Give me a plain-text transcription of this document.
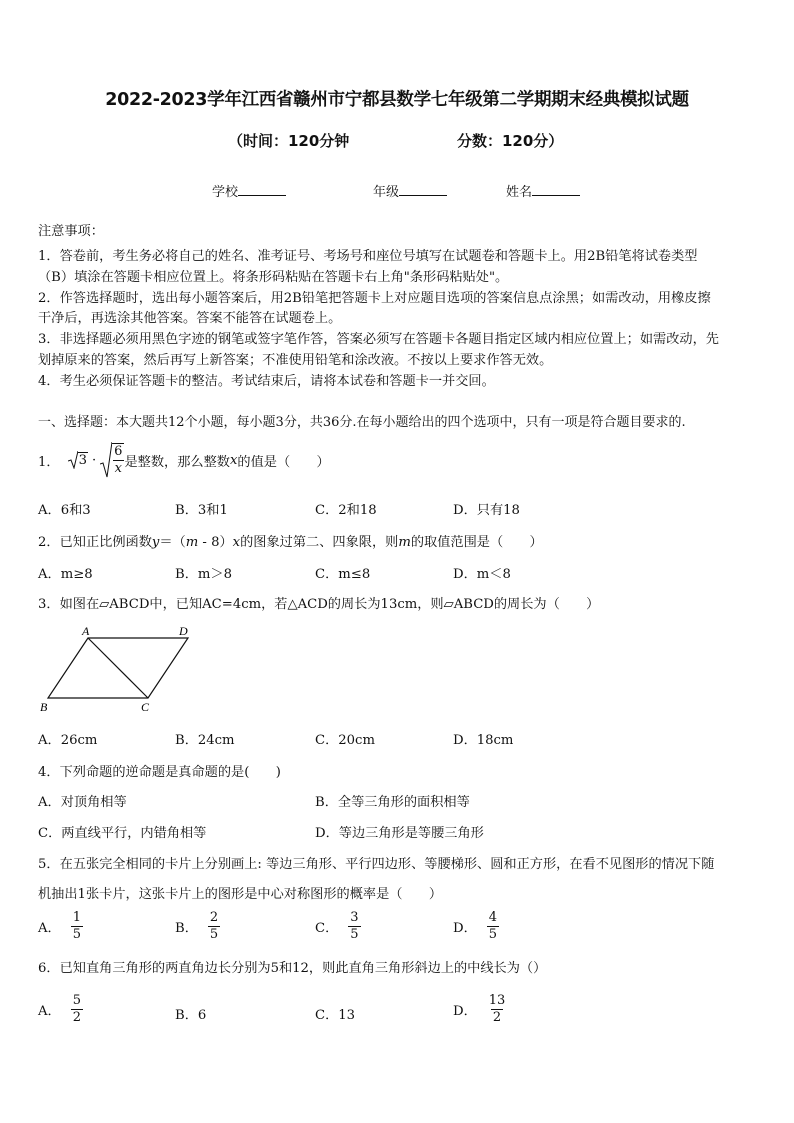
2022-2023学年江西省赣州市宁都县数学七年级第二学期期末经典模拟试题
（时间：120分钟	分数：120分）
学校	年级	姓名
注意事项：
1．答卷前，考生务必将自己的姓名、准考证号、考场号和座位号填写在试题卷和答题卡上。用2B铅笔将试卷类型
（B）填涂在答题卡相应位置上。将条形码粘贴在答题卡右上角"条形码粘贴处"。
2．作答选择题时，选出每小题答案后，用2B铅笔把答题卡上对应题目选项的答案信息点涂黑；如需改动，用橡皮擦
干净后，再选涂其他答案。答案不能答在试题卷上。
3．非选择题必须用黑色字迹的钢笔或签字笔作答，答案必须写在答题卡各题目指定区域内相应位置上；如需改动，先
划掉原来的答案，然后再写上新答案；不准使用铅笔和涂改液。不按以上要求作答无效。
4．考生必须保证答题卡的整洁。考试结束后，请将本试卷和答题卡一并交回。
一、选择题：本大题共12个小题，每小题3分，共36分.在每小题给出的四个选项中，只有一项是符合题目要求的.
1． $3 \cdot \frac{6}{x}$ 是整数，那么整数 x 的值是（　　）
A．6和3	B．3和1	C．2和18	D．只有18
2．已知正比例函数y＝（m - 8）x的图象过第二、四象限，则m的取值范围是（　　）
A．m≥8	B．m＞8	C．m≤8	D．m＜8
3．如图在▱ABCD中，已知AC=4cm，若△ACD的周长为13cm，则▱ABCD的周长为（　　）
A	D
B	C
A．26cm	B．24cm	C．20cm	D．18cm
4．下列命题的逆命题是真命题的是(　　)
A．对顶角相等	B．全等三角形的面积相等
C．两直线平行，内错角相等	D．等边三角形是等腰三角形
5．在五张完全相同的卡片上分别画上: 等边三角形、平行四边形、等腰梯形、圆和正方形，在看不见图形的情况下随
机抽出1张卡片，这张卡片上的图形是中心对称图形的概率是（　　）
A． $\frac{1}{5}$	B． $\frac{2}{5}$	C． $\frac{3}{5}$	D． $\frac{4}{5}$
6．已知直角三角形的两直角边长分别为5和12，则此直角三角形斜边上的中线长为（）
A． $\frac{5}{2}$	B．6	C．13	D． $\frac{13}{2}$
